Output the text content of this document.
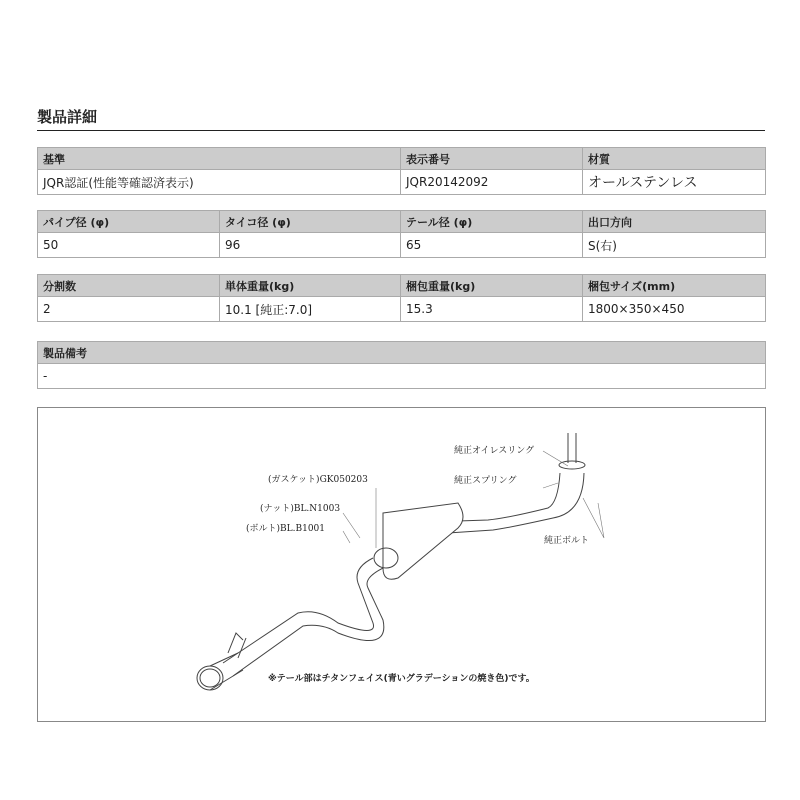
製品詳細
基準	表示番号	材質
JQR認証(性能等確認済表示)	JQR20142092	オールステンレス
パイプ径 (φ)	タイコ径 (φ)	テール径 (φ)	出口方向
50	96	65	S(右)
分割数	単体重量(kg)	梱包重量(kg)	梱包サイズ(mm)
2	10.1 [純正:7.0]	15.3	1800×350×450
製品備考
-
純正オイレスリング
純正スプリング
純正ボルト
(ガスケット)GK050203
(ナット)BL.N1003
(ボルト)BL.B1001
※テール部はチタンフェイス(青いグラデーションの焼き色)です。
